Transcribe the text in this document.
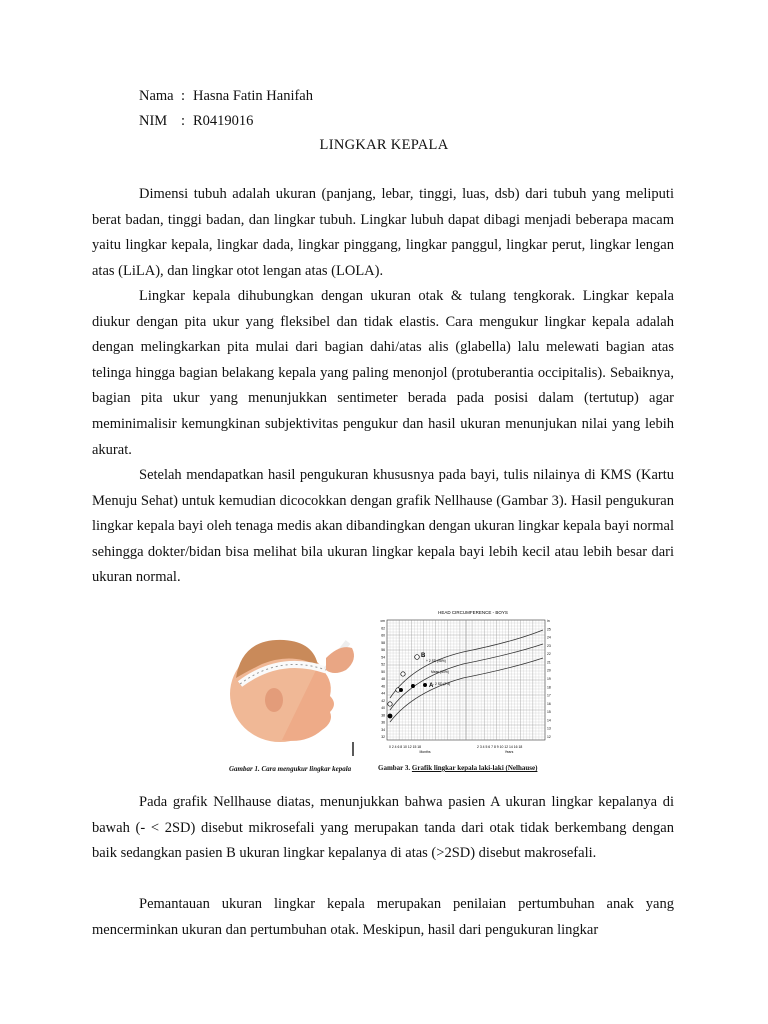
Nama : Hasna Fatin Hanifah
NIM : R0419016
LINGKAR KEPALA

Dimensi tubuh adalah ukuran (panjang, lebar, tinggi, luas, dsb) dari tubuh yang meliputi berat badan, tinggi badan, dan lingkar tubuh. Lingkar lubuh dapat dibagi menjadi beberapa macam yaitu lingkar kepala, lingkar dada, lingkar pinggang, lingkar panggul, lingkar perut, lingkar lengan atas (LiLA), dan lingkar otot lengan atas (LOLA).

Lingkar kepala dihubungkan dengan ukuran otak & tulang tengkorak. Lingkar kepala diukur dengan pita ukur yang fleksibel dan tidak elastis. Cara mengukur lingkar kepala adalah dengan melingkarkan pita mulai dari bagian dahi/atas alis (glabella) lalu melewati bagian atas telinga hingga bagian belakang kepala yang paling menonjol (protuberantia occipitalis). Sebaiknya, bagian pita ukur yang menunjukkan sentimeter berada pada posisi dalam (tertutup) agar meminimalisir kemungkinan subjektivitas pengukur dan hasil ukuran menunjukan nilai yang lebih akurat.

Setelah mendapatkan hasil pengukuran khususnya pada bayi, tulis nilainya di KMS (Kartu Menuju Sehat) untuk kemudian dicocokkan dengan grafik Nellhause (Gambar 3). Hasil pengukuran lingkar kepala bayi oleh tenaga medis akan dibandingkan dengan ukuran lingkar kepala bayi normal sehingga dokter/bidan bisa melihat bila ukuran lingkar kepala bayi lebih kecil atau lebih besar dari ukuran normal.

Gambar 1. Cara mengukur lingkar kepala
HEAD CIRCUMFERENCE - BOYS
cm
62
60
58
56
54
52
50
48
46
44
42
40
38
36
34
32
in
25
24
23
22
21
20
19
18
17
16
15
14
13
12
+ 2 SD (98%)
Mean (50%)
- 2 SD (2%)
B
A
0 2 4 6 8 10 12 15 18	2 3 4 5 6 7 8 9 10 12 14 16 18
Months	Years
Gambar 3. Grafik lingkar kepala laki-laki (Nelhause)

Pada grafik Nellhause diatas, menunjukkan bahwa pasien A ukuran lingkar kepalanya di bawah (- < 2SD) disebut mikrosefali yang merupakan tanda dari otak tidak berkembang dengan baik sedangkan pasien B ukuran lingkar kepalanya di atas (>2SD) disebut makrosefali.

Pemantauan ukuran lingkar kepala merupakan penilaian pertumbuhan anak yang mencerminkan ukuran dan pertumbuhan otak. Meskipun, hasil dari pengukuran lingkar
